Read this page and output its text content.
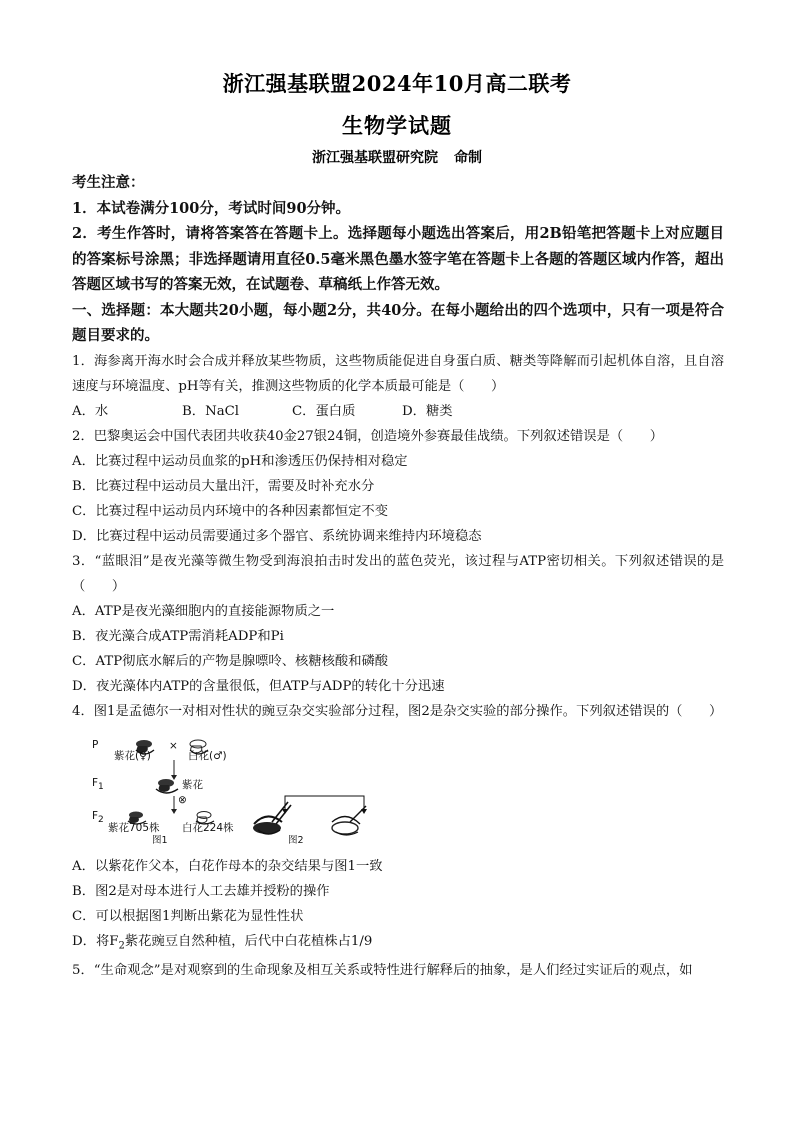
浙江强基联盟2024年10月高二联考
生物学试题
浙江强基联盟研究院 命制
考生注意：
1．本试卷满分100分，考试时间90分钟。
2．考生作答时，请将答案答在答题卡上。选择题每小题选出答案后，用2B铅笔把答题卡上对应题目的答案标号涂黑；非选择题请用直径0.5毫米黑色墨水签字笔在答题卡上各题的答题区域内作答，超出答题区域书写的答案无效，在试题卷、草稿纸上作答无效。
一、选择题：本大题共20小题，每小题2分，共40分。在每小题给出的四个选项中，只有一项是符合题目要求的。
1．海参离开海水时会合成并释放某些物质，这些物质能促进自身蛋白质、糖类等降解而引起机体自溶，且自溶速度与环境温度、pH等有关，推测这些物质的化学本质最可能是（　　）
A．水	B．NaCl	C．蛋白质	D．糖类
2．巴黎奥运会中国代表团共收获40金27银24铜，创造境外参赛最佳战绩。下列叙述错误是（　　）
A．比赛过程中运动员血浆的pH和渗透压仍保持相对稳定
B．比赛过程中运动员大量出汗，需要及时补充水分
C．比赛过程中运动员内环境中的各种因素都恒定不变
D．比赛过程中运动员需要通过多个器官、系统协调来维持内环境稳态
3．“蓝眼泪”是夜光藻等微生物受到海浪拍击时发出的蓝色荧光，该过程与ATP密切相关。下列叙述错误的是（　　）
A．ATP是夜光藻细胞内的直接能源物质之一
B．夜光藻合成ATP需消耗ADP和Pi
C．ATP彻底水解后的产物是腺嘌呤、核糖核酸和磷酸
D．夜光藻体内ATP的含量很低，但ATP与ADP的转化十分迅速
4．图1是孟德尔一对相对性状的豌豆杂交实验部分过程，图2是杂交实验的部分操作。下列叙述错误的（　　）
P
紫花(♀)
×
白花(♂)
F1	紫花
⊗
F2
紫花705株 白花224株
图1	图2
A．以紫花作父本，白花作母本的杂交结果与图1一致
B．图2是对母本进行人工去雄并授粉的操作
C．可以根据图1判断出紫花为显性性状
D．将$F_2$紫花豌豆自然种植，后代中白花植株占1/9
5．“生命观念”是对观察到的生命现象及相互关系或特性进行解释后的抽象，是人们经过实证后的观点，如
